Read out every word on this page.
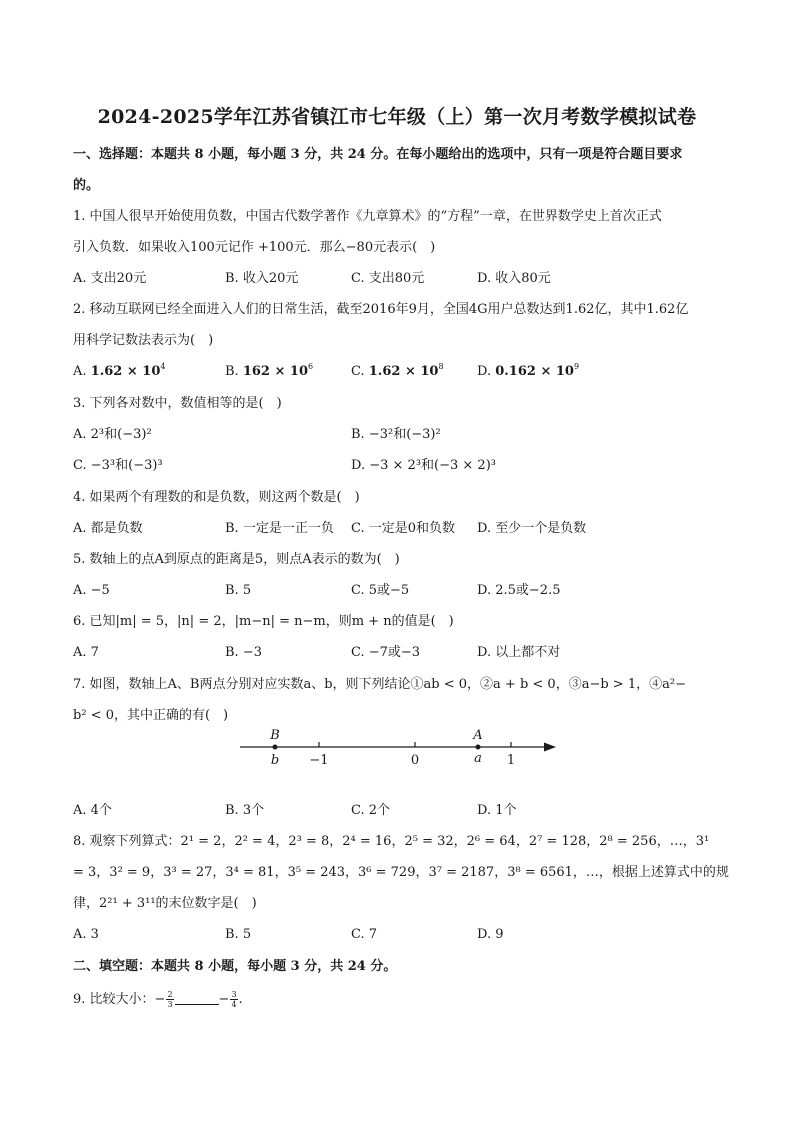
2024-2025学年江苏省镇江市七年级（上）第一次月考数学模拟试卷
一、选择题：本题共 8 小题，每小题 3 分，共 24 分。在每小题给出的选项中，只有一项是符合题目要求
的。
1. 中国人很早开始使用负数，中国古代数学著作《九章算术》的“方程”一章，在世界数学史上首次正式
引入负数．如果收入100元记作 +100元．那么−80元表示(　)
A. 支出20元	B. 收入20元	C. 支出80元	D. 收入80元
2. 移动互联网已经全面进入人们的日常生活，截至2016年9月，全国4G用户总数达到1.62亿，其中1.62亿
用科学记数法表示为(　)
A. $1.62 \times 10^4$	B. $162 \times 10^6$	C. $1.62 \times 10^8$	D. $0.162 \times 10^9$
3. 下列各对数中，数值相等的是(　)
A. 2³和(−3)²	B. −3²和(−3)²
C. −3³和(−3)³	D. −3 × 2³和(−3 × 2)³
4. 如果两个有理数的和是负数，则这两个数是(　)
A. 都是负数	B. 一定是一正一负 C. 一定是0和负数 D. 至少一个是负数
5. 数轴上的点A到原点的距离是5，则点A表示的数为(　)
A. −5	B. 5	C. 5或−5	D. 2.5或−2.5
6. 已知|m| = 5，|n| = 2，|m−n| = n−m，则m + n的值是(　)
A. 7	B. −3	C. −7或−3	D. 以上都不对
7. 如图，数轴上A、B两点分别对应实数a、b，则下列结论①ab < 0，②a + b < 0，③a−b > 1，④a²−
b² < 0，其中正确的有(　)
B	A
b	a
−1	0	1
A. 4个	B. 3个	C. 2个	D. 1个
8. 观察下列算式：2¹ = 2，2² = 4，2³ = 8，2⁴ = 16，2⁵ = 32，2⁶ = 64，2⁷ = 128，2⁸ = 256，…，3¹
= 3，3² = 9，3³ = 27，3⁴ = 81，3⁵ = 243，3⁶ = 729，3⁷ = 2187，3⁸ = 6561，…，根据上述算式中的规
律，2²¹ + 3¹¹的末位数字是(　)
A. 3	B. 5	C. 7	D. 9
二、填空题：本题共 8 小题，每小题 3 分，共 24 分。
9. 比较大小：− $\frac{2}{3}$	− $\frac{3}{4}$ .
